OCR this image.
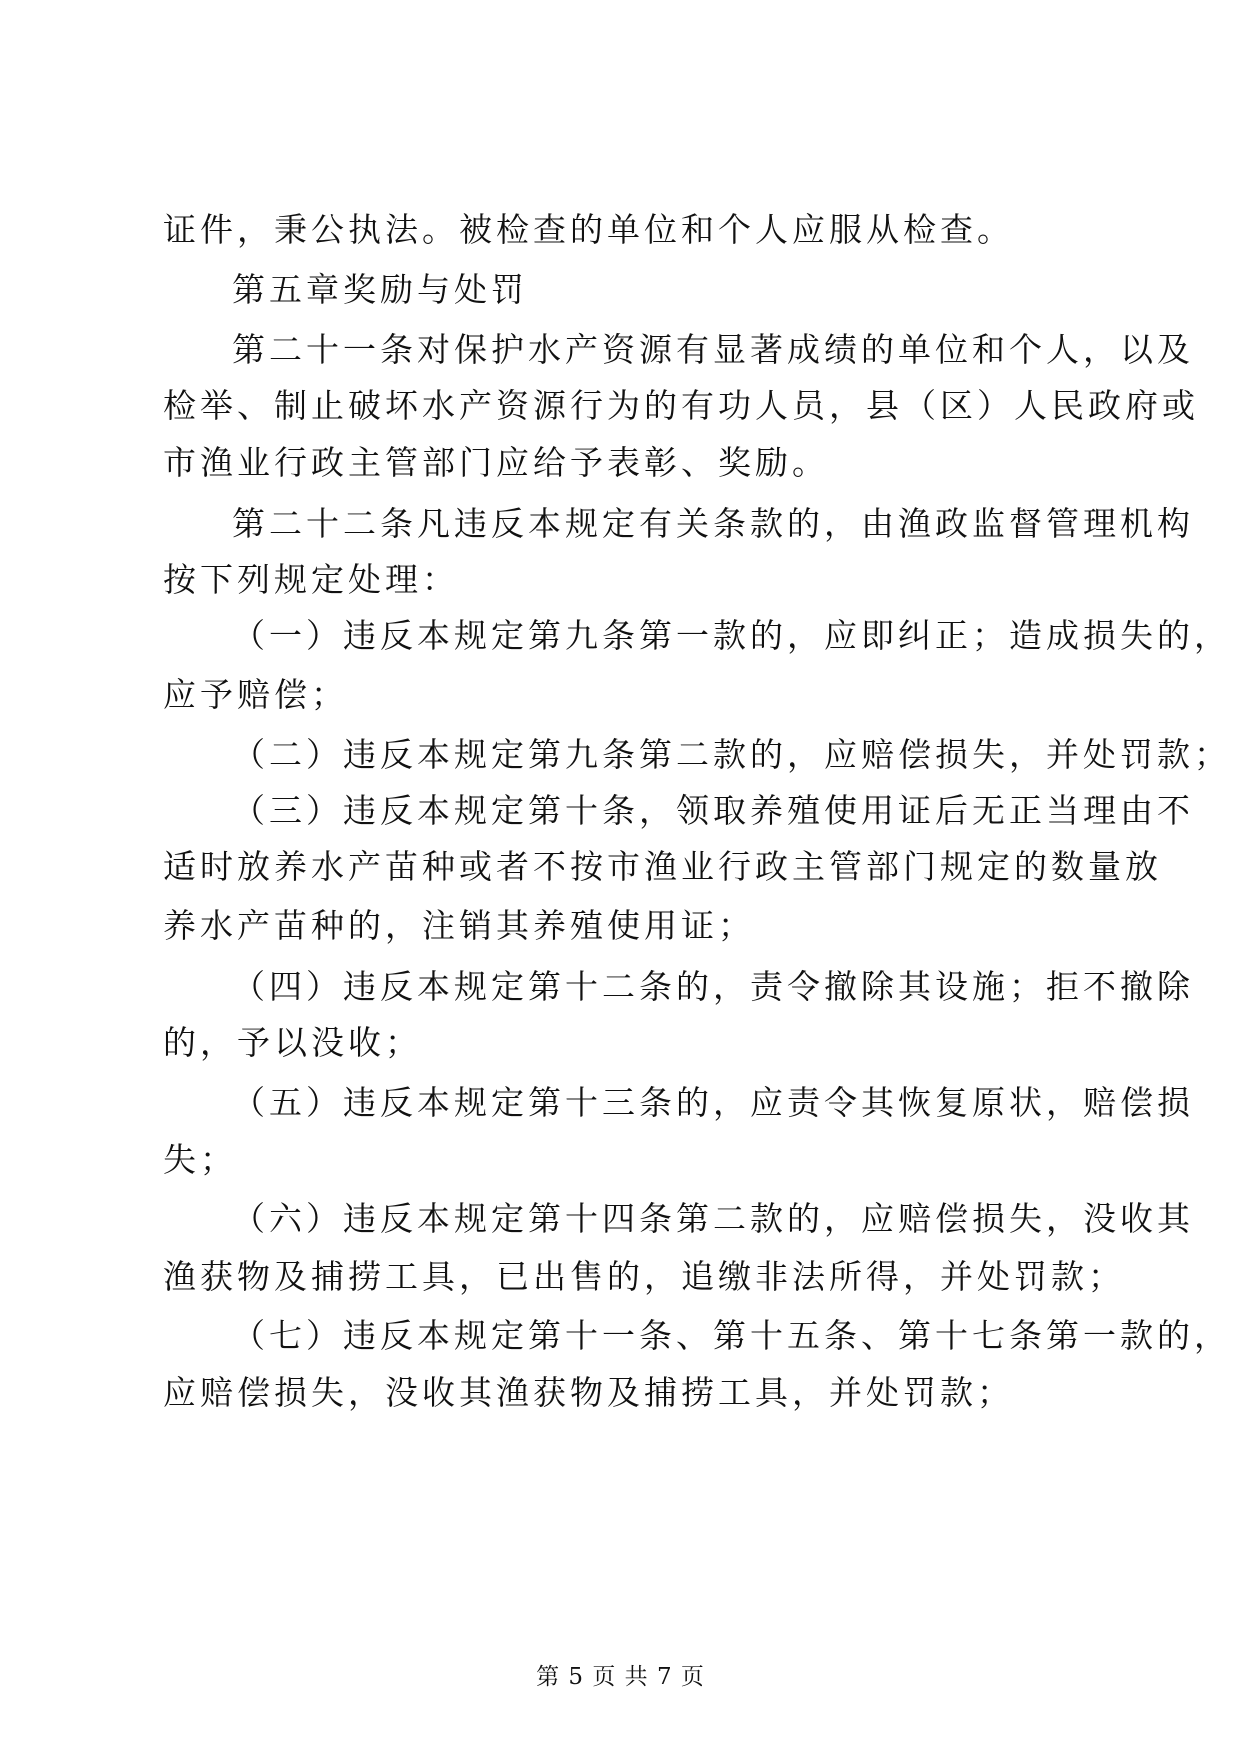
证件，秉公执法。被检查的单位和个人应服从检查。
第五章奖励与处罚
第二十一条对保护水产资源有显著成绩的单位和个人，以及
检举、制止破坏水产资源行为的有功人员，县（区）人民政府或
市渔业行政主管部门应给予表彰、奖励。
第二十二条凡违反本规定有关条款的，由渔政监督管理机构
按下列规定处理：
（一）违反本规定第九条第一款的，应即纠正；造成损失的，
应予赔偿；
（二）违反本规定第九条第二款的，应赔偿损失，并处罚款；
（三）违反本规定第十条，领取养殖使用证后无正当理由不
适时放养水产苗种或者不按市渔业行政主管部门规定的数量放
养水产苗种的，注销其养殖使用证；
（四）违反本规定第十二条的，责令撤除其设施；拒不撤除
的，予以没收；
（五）违反本规定第十三条的，应责令其恢复原状，赔偿损
失；
（六）违反本规定第十四条第二款的，应赔偿损失，没收其
渔获物及捕捞工具，已出售的，追缴非法所得，并处罚款；
（七）违反本规定第十一条、第十五条、第十七条第一款的，
应赔偿损失，没收其渔获物及捕捞工具，并处罚款；
第 5 页 共 7 页
